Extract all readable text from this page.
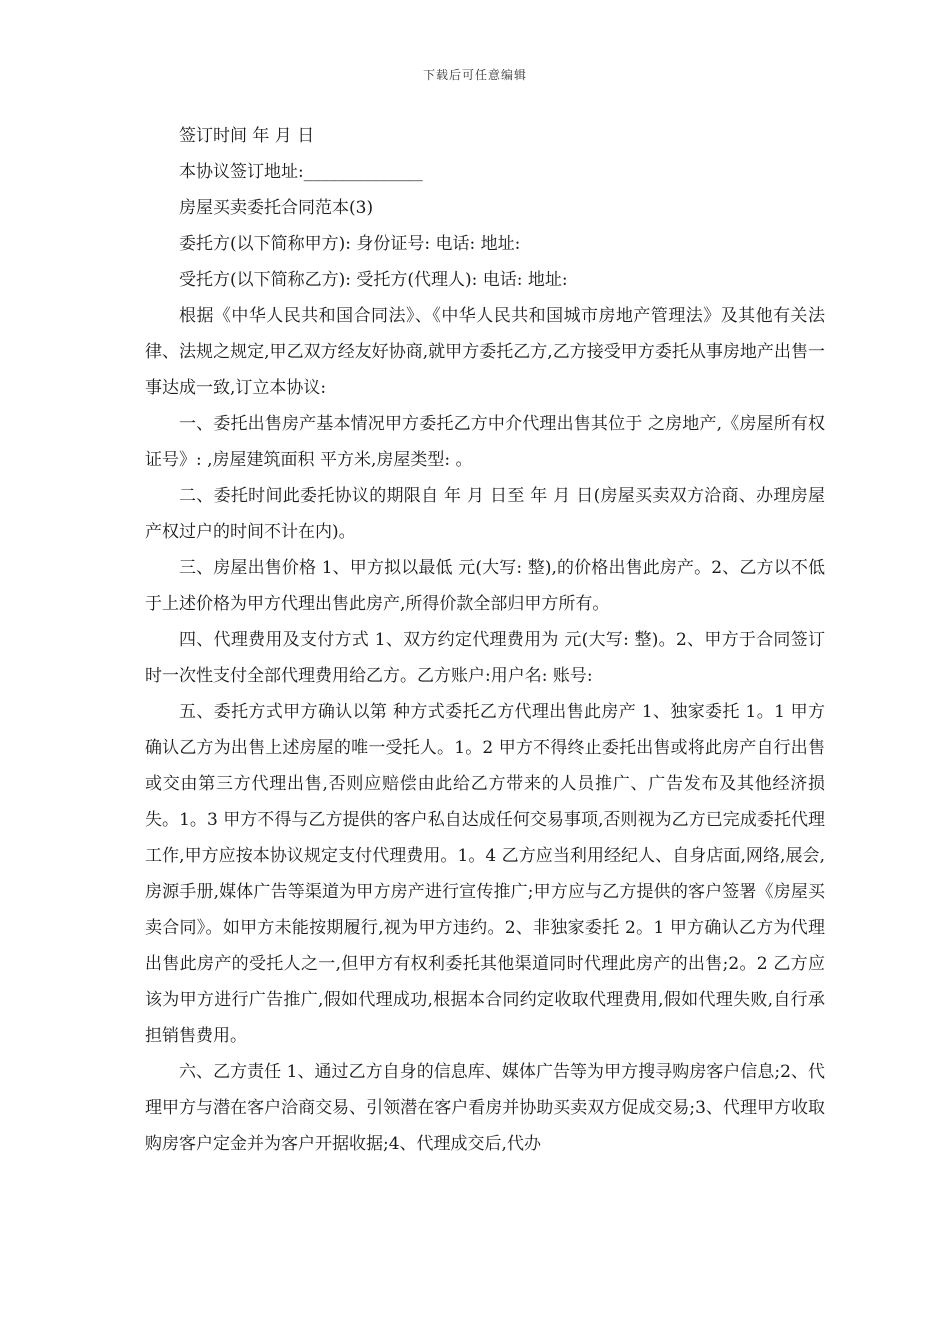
下载后可任意编辑

签订时间 年 月 日

本协议签订地址:______________

房屋买卖委托合同范本(3)

委托方(以下简称甲方): 身份证号: 电话: 地址:

受托方(以下简称乙方): 受托方(代理人): 电话: 地址:

根据《中华人民共和国合同法》、《中华人民共和国城市房地产管理法》及其他有关法律、法规之规定,甲乙双方经友好协商,就甲方委托乙方,乙方接受甲方委托从事房地产出售一事达成一致,订立本协议:

一、委托出售房产基本情况甲方委托乙方中介代理出售其位于 之房地产,《房屋所有权证号》: ,房屋建筑面积 平方米,房屋类型: 。

二、委托时间此委托协议的期限自 年 月 日至 年 月 日(房屋买卖双方洽商、办理房屋产权过户的时间不计在内)。

三、房屋出售价格 1、甲方拟以最低 元(大写: 整),的价格出售此房产。2、乙方以不低于上述价格为甲方代理出售此房产,所得价款全部归甲方所有。

四、代理费用及支付方式 1、双方约定代理费用为 元(大写: 整)。2、甲方于合同签订时一次性支付全部代理费用给乙方。乙方账户:用户名: 账号:

五、委托方式甲方确认以第 种方式委托乙方代理出售此房产 1、独家委托 1。1 甲方确认乙方为出售上述房屋的唯一受托人。1。2 甲方不得终止委托出售或将此房产自行出售或交由第三方代理出售,否则应赔偿由此给乙方带来的人员推广、广告发布及其他经济损失。1。3 甲方不得与乙方提供的客户私自达成任何交易事项,否则视为乙方已完成委托代理工作,甲方应按本协议规定支付代理费用。1。4 乙方应当利用经纪人、自身店面,网络,展会,房源手册,媒体广告等渠道为甲方房产进行宣传推广;甲方应与乙方提供的客户签署《房屋买卖合同》。如甲方未能按期履行,视为甲方违约。2、非独家委托 2。1 甲方确认乙方为代理出售此房产的受托人之一,但甲方有权利委托其他渠道同时代理此房产的出售;2。2 乙方应该为甲方进行广告推广,假如代理成功,根据本合同约定收取代理费用,假如代理失败,自行承担销售费用。

六、乙方责任 1、通过乙方自身的信息库、媒体广告等为甲方搜寻购房客户信息;2、代理甲方与潜在客户洽商交易、引领潜在客户看房并协助买卖双方促成交易;3、代理甲方收取购房客户定金并为客户开据收据;4、代理成交后,代办
